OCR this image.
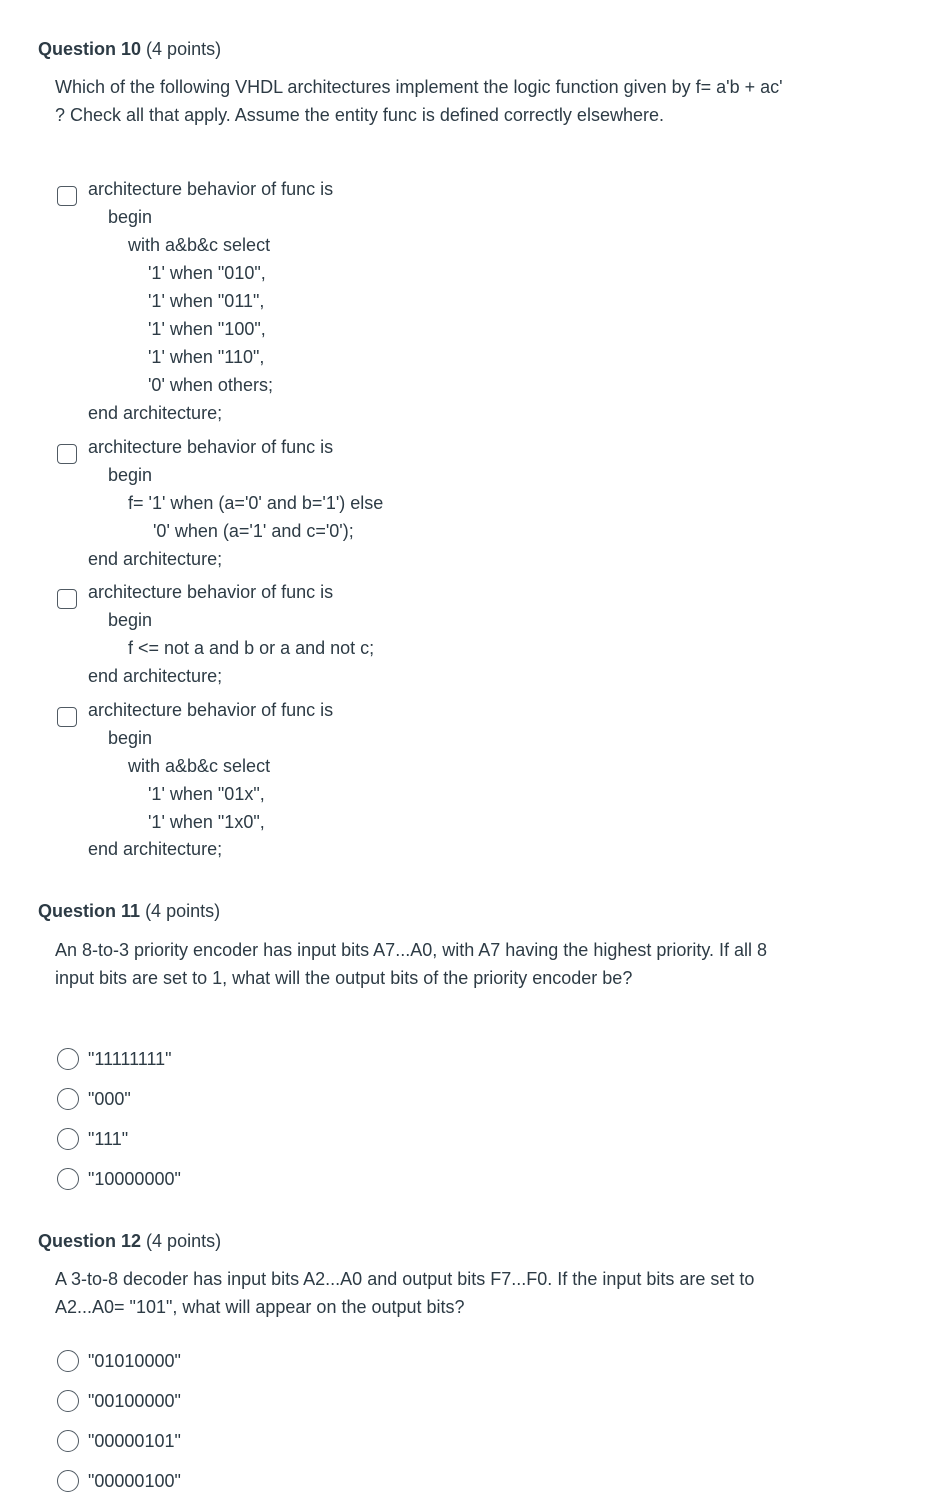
Question 10 (4 points)
Which of the following VHDL architectures implement the logic function given by f= a'b + ac' ? Check all that apply. Assume the entity func is defined correctly elsewhere.
architecture behavior of func is
begin
with a&b&c select
'1' when "010",
'1' when "011",
'1' when "100",
'1' when "110",
'0' when others;
end architecture;
architecture behavior of func is
begin
f= '1' when (a='0' and b='1') else
'0' when (a='1' and c='0');
end architecture;
architecture behavior of func is
begin
f <= not a and b or a and not c;
end architecture;
architecture behavior of func is
begin
with a&b&c select
'1' when "01x",
'1' when "1x0",
end architecture;
Question 11 (4 points)
An 8-to-3 priority encoder has input bits A7...A0, with A7 having the highest priority. If all 8 input bits are set to 1, what will the output bits of the priority encoder be?
"11111111"
"000"
"111"
"10000000"
Question 12 (4 points)
A 3-to-8 decoder has input bits A2...A0 and output bits F7...F0. If the input bits are set to A2...A0= "101", what will appear on the output bits?
"01010000"
"00100000"
"00000101"
"00000100"
